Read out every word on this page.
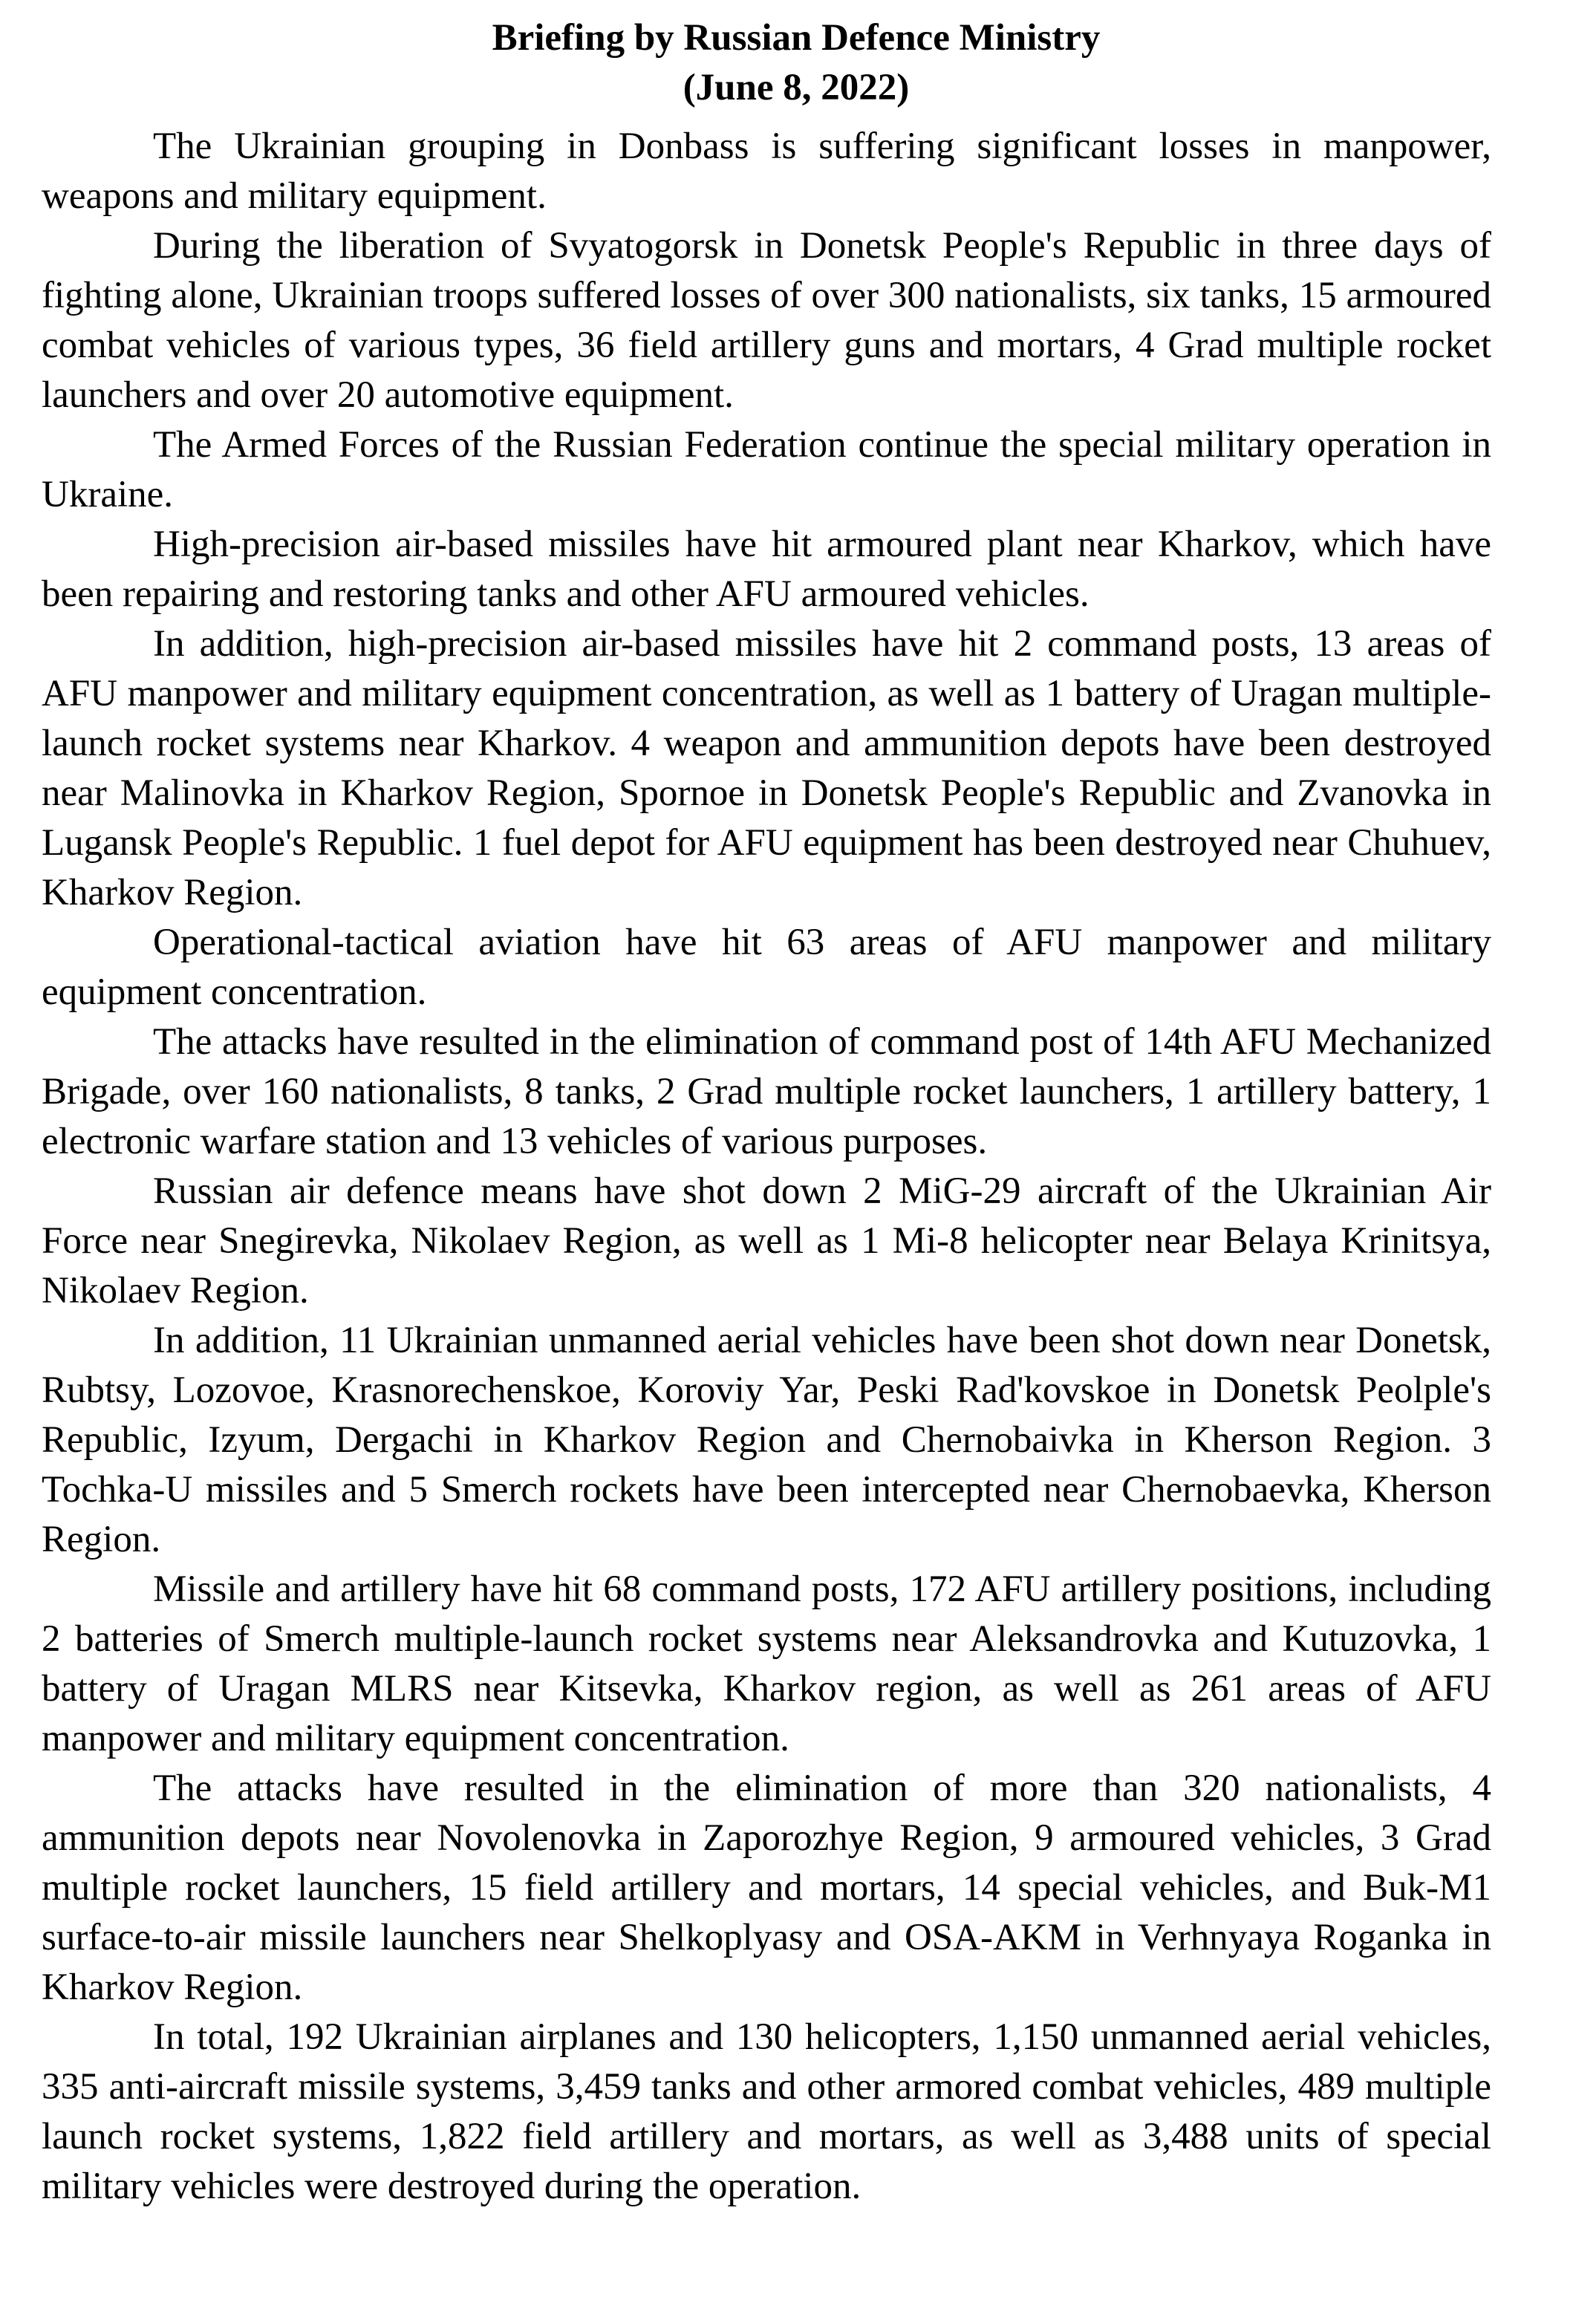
Briefing by Russian Defence Ministry
(June 8, 2022)

The Ukrainian grouping in Donbass is suffering significant losses in manpower, weapons and military equipment.

During the liberation of Svyatogorsk in Donetsk People's Republic in three days of fighting alone, Ukrainian troops suffered losses of over 300 nationalists, six tanks, 15 armoured combat vehicles of various types, 36 field artillery guns and mortars, 4 Grad multiple rocket launchers and over 20 automotive equipment.

The Armed Forces of the Russian Federation continue the special military operation in Ukraine.

High-precision air-based missiles have hit armoured plant near Kharkov, which have been repairing and restoring tanks and other AFU armoured vehicles.

In addition, high-precision air-based missiles have hit 2 command posts, 13 areas of AFU manpower and military equipment concentration, as well as 1 battery of Uragan multiple-launch rocket systems near Kharkov. 4 weapon and ammunition depots have been destroyed near Malinovka in Kharkov Region, Spornoe in Donetsk People's Republic and Zvanovka in Lugansk People's Republic. 1 fuel depot for AFU equipment has been destroyed near Chuhuev, Kharkov Region.

Operational-tactical aviation have hit 63 areas of AFU manpower and military equipment concentration.

The attacks have resulted in the elimination of command post of 14th AFU Mechanized Brigade, over 160 nationalists, 8 tanks, 2 Grad multiple rocket launchers, 1 artillery battery, 1 electronic warfare station and 13 vehicles of various purposes.

Russian air defence means have shot down 2 MiG-29 aircraft of the Ukrainian Air Force near Snegirevka, Nikolaev Region, as well as 1 Mi-8 helicopter near Belaya Krinitsya, Nikolaev Region.

In addition, 11 Ukrainian unmanned aerial vehicles have been shot down near Donetsk, Rubtsy, Lozovoe, Krasnorechenskoe, Koroviy Yar, Peski Rad'kovskoe in Donetsk Peolple's Republic, Izyum, Dergachi in Kharkov Region and Chernobaivka in Kherson Region. 3 Tochka-U missiles and 5 Smerch rockets have been intercepted near Chernobaevka, Kherson Region.

Missile and artillery have hit 68 command posts, 172 AFU artillery positions, including 2 batteries of Smerch multiple-launch rocket systems near Aleksandrovka and Kutuzovka, 1 battery of Uragan MLRS near Kitsevka, Kharkov region, as well as 261 areas of AFU manpower and military equipment concentration.

The attacks have resulted in the elimination of more than 320 nationalists, 4 ammunition depots near Novolenovka in Zaporozhye Region, 9 armoured vehicles, 3 Grad multiple rocket launchers, 15 field artillery and mortars, 14 special vehicles, and Buk-M1 surface-to-air missile launchers near Shelkoplyasy and OSA-AKM in Verhnyaya Roganka in Kharkov Region.

In total, 192 Ukrainian airplanes and 130 helicopters, 1,150 unmanned aerial vehicles, 335 anti-aircraft missile systems, 3,459 tanks and other armored combat vehicles, 489 multiple launch rocket systems, 1,822 field artillery and mortars, as well as 3,488 units of special military vehicles were destroyed during the operation.
